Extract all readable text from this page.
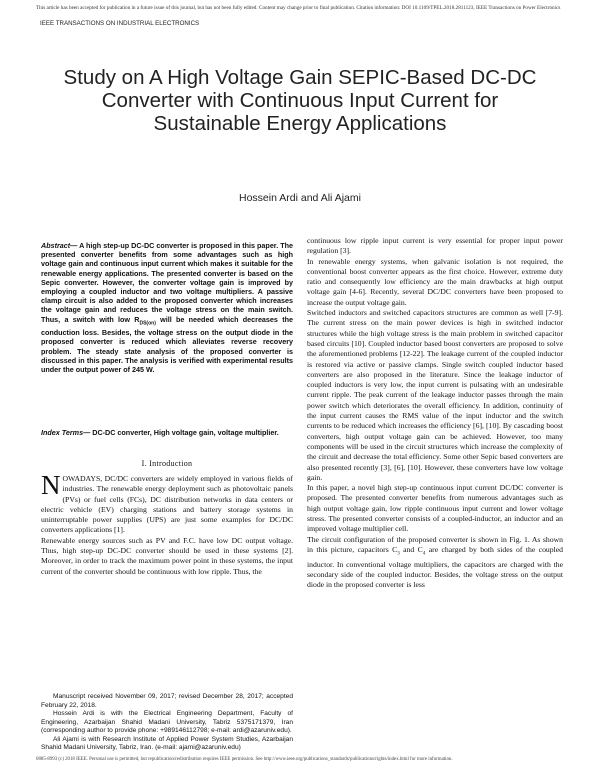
This article has been accepted for publication in a future issue of this journal, but has not been fully edited. Content may change prior to final publication. Citation information: DOI 10.1109/TPEL.2018.2811123, IEEE Transactions on Power Electronics
IEEE TRANSACTIONS ON INDUSTRIAL ELECTRONICS
Study on A High Voltage Gain SEPIC-Based DC-DC Converter with Continuous Input Current for Sustainable Energy Applications
Hossein Ardi and Ali Ajami
Abstract— A high step-up DC-DC converter is proposed in this paper. The presented converter benefits from some advantages such as high voltage gain and continuous input current which makes it suitable for the renewable energy applications. The presented converter is based on the Sepic converter. However, the converter voltage gain is improved by employing a coupled inductor and two voltage multipliers. A passive clamp circuit is also added to the proposed converter which increases the voltage gain and reduces the voltage stress on the main switch. Thus, a switch with low $R_{DS(on)}$ will be needed which decreases the conduction loss. Besides, the voltage stress on the output diode in the proposed converter is reduced which alleviates reverse recovery problem. The steady state analysis of the proposed converter is discussed in this paper. The analysis is verified with experimental results under the output power of 245 W.
Index Terms— DC-DC converter, High voltage gain, voltage multiplier.
I. Introduction

NOWADAYS, DC/DC converters are widely employed in various fields of industries. The renewable energy deployment such as photovoltaic panels (PVs) or fuel cells (FCs), DC distribution networks in data centers or electric vehicle (EV) charging stations and battery storage systems in uninterruptable power supplies (UPS) are just some examples for DC/DC converters applications [1].

Renewable energy sources such as PV and F.C. have low DC output voltage. Thus, high step-up DC-DC converter should be used in these systems [2]. Moreover, in order to track the maximum power point in these systems, the input current of the converter should be continuous with low ripple. Thus, the

Manuscript received November 09, 2017; revised December 28, 2017; accepted February 22, 2018.

Hossein Ardi is with the Electrical Engineering Department, Faculty of Engineering, Azarbaijan Shahid Madani University, Tabriz 5375171379, Iran (corresponding author to provide phone: +989146112798; e-mail: ardi@azaruniv.edu).

Ali Ajami is with Research Institute of Applied Power System Studies, Azarbaijan Shahid Madani University, Tabriz, Iran. (e-mail: ajami@azaruniv.edu)

continuous low ripple input current is very essential for proper input power regulation [3].

In renewable energy systems, when galvanic isolation is not required, the conventional boost converter appears as the first choice. However, extreme duty ratio and consequently low efficiency are the main drawbacks at high output voltage gain [4-6]. Recently, several DC/DC converters have been proposed to increase the output voltage gain.

Switched inductors and switched capacitors structures are common as well [7-9]. The current stress on the main power devices is high in switched inductor structures while the high voltage stress is the main problem in switched capacitor based circuits [10]. Coupled inductor based boost converters are proposed to solve the aforementioned problems [12-22]. The leakage current of the coupled inductor is restored via active or passive clamps. Single switch coupled inductor based converters are also proposed in the literature. Since the leakage inductor of coupled inductors is very low, the input current is pulsating with an undesirable current ripple. The peak current of the leakage inductor passes through the main power switch which deteriorates the overall efficiency. In addition, continuity of the input current causes the RMS value of the input inductor and the switch currents to be reduced which increases the efficiency [6], [10]. By cascading boost converters, high output voltage gain can be achieved. However, too many components will be used in the circuit structures which increase the complexity of the circuit and decrease the total efficiency. Some other Sepic based converters are also presented recently [3], [6], [10]. However, these converters have low voltage gain.

In this paper, a novel high step-up continuous input current DC/DC converter is proposed. The presented converter benefits from numerous advantages such as high output voltage gain, low ripple continuous input current and lower voltage stress. The presented converter consists of a coupled-inductor, an inductor and an improved voltage multiplier cell.

The circuit configuration of the proposed converter is shown in Fig. 1. As shown in this picture, capacitors $C_3$ and $C_4$ are charged by both sides of the coupled inductor. In conventional voltage multipliers, the capacitors are charged with the secondary side of the coupled inductor. Besides, the voltage stress on the output diode in the proposed converter is less

0885-8993 (c) 2018 IEEE. Personal use is permitted, but republication/redistribution requires IEEE permission. See http://www.ieee.org/publications_standards/publications/rights/index.html for more information.
